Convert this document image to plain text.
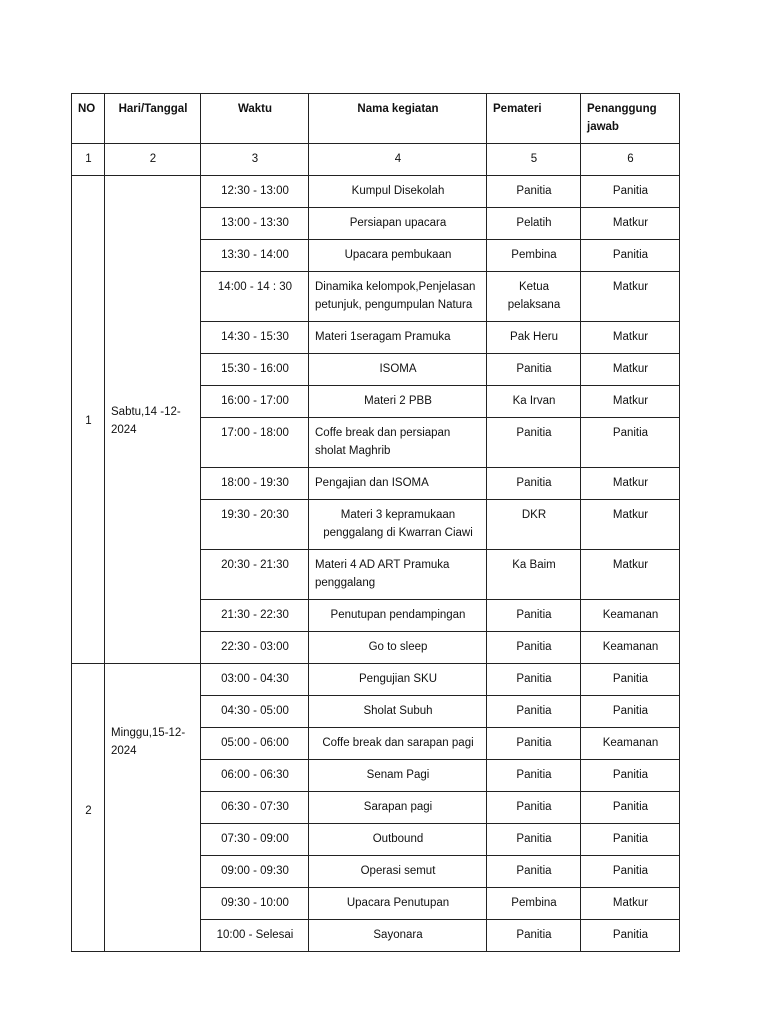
NO	Hari/Tanggal	Waktu	Nama kegiatan	Pemateri	Penanggung jawab
1	2	3	4	5	6
1	Sabtu,14 -12-2024	12:30 - 13:00	Kumpul Disekolah	Panitia	Panitia
		13:00 - 13:30	Persiapan upacara	Pelatih	Matkur
		13:30 - 14:00	Upacara pembukaan	Pembina	Panitia
		14:00 - 14 : 30	Dinamika kelompok,Penjelasan petunjuk, pengumpulan Natura	Ketua pelaksana	Matkur
		14:30 - 15:30	Materi 1seragam Pramuka	Pak Heru	Matkur
		15:30 - 16:00	ISOMA	Panitia	Matkur
		16:00 - 17:00	Materi 2 PBB	Ka Irvan	Matkur
		17:00 - 18:00	Coffe break dan persiapan sholat Maghrib	Panitia	Panitia
		18:00 - 19:30	Pengajian dan ISOMA	Panitia	Matkur
		19:30 - 20:30	Materi 3 kepramukaan penggalang di Kwarran Ciawi	DKR	Matkur
		20:30 - 21:30	Materi 4 AD ART Pramuka penggalang	Ka Baim	Matkur
		21:30 - 22:30	Penutupan pendampingan	Panitia	Keamanan
		22:30 - 03:00	Go to sleep	Panitia	Keamanan
2	Minggu,15-12-2024	03:00 - 04:30	Pengujian SKU	Panitia	Panitia
		04:30 - 05:00	Sholat Subuh	Panitia	Panitia
		05:00 - 06:00	Coffe break dan sarapan pagi	Panitia	Keamanan
		06:00 - 06:30	Senam Pagi	Panitia	Panitia
		06:30 - 07:30	Sarapan pagi	Panitia	Panitia
		07:30 - 09:00	Outbound	Panitia	Panitia
		09:00 - 09:30	Operasi semut	Panitia	Panitia
		09:30 - 10:00	Upacara Penutupan	Pembina	Matkur
		10:00 - Selesai	Sayonara	Panitia	Panitia
